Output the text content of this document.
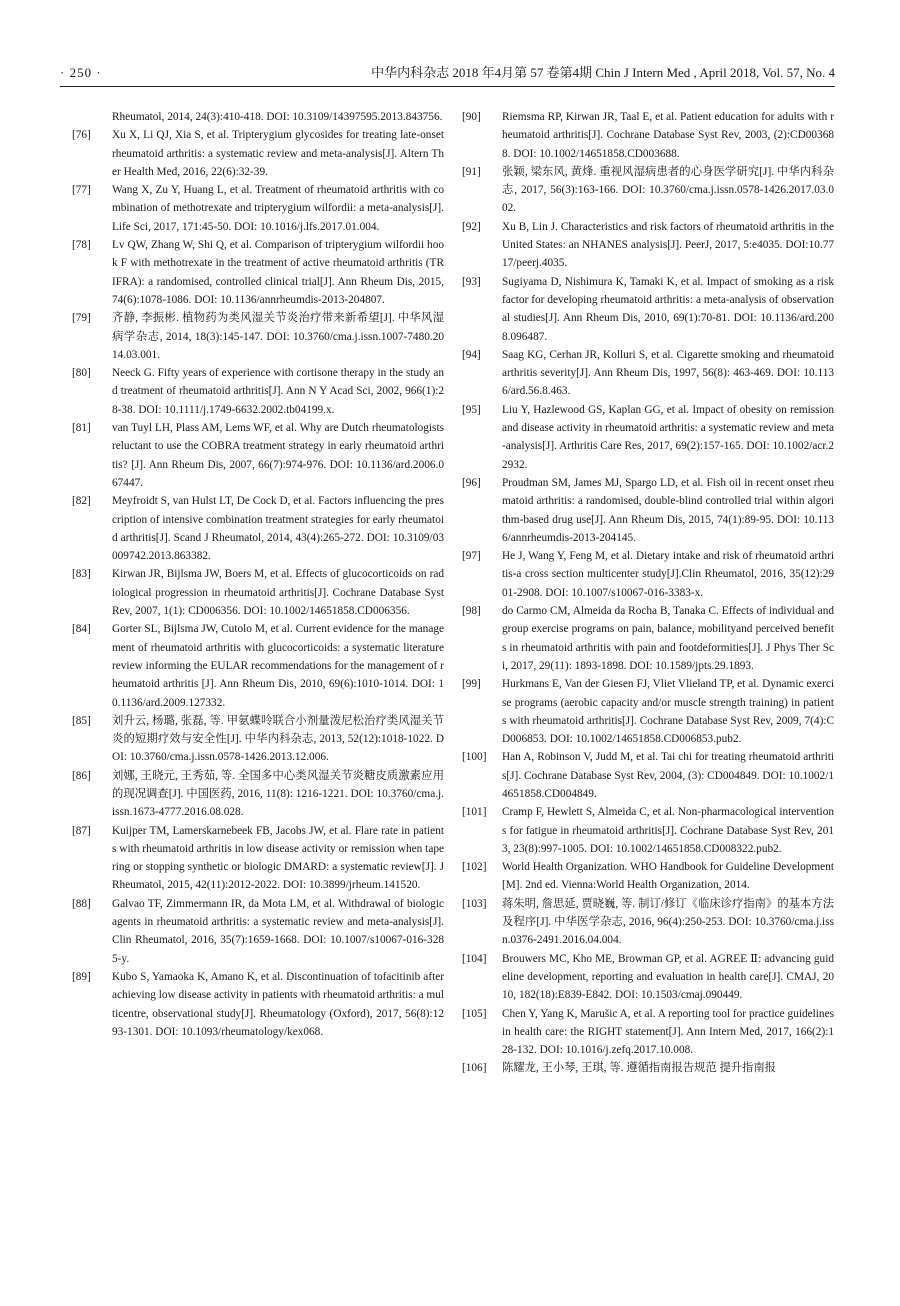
· 250 ·	中华内科杂志 2018 年4月第 57 卷第4期 Chin J Intern Med , April 2018, Vol. 57, No. 4
Rheumatol, 2014, 24(3):410-418. DOI: 10.3109/14397595.2013.843756.
[76]	Xu X, Li QJ, Xia S, et al. Tripterygium glycosides for treating late-onset rheumatoid arthritis: a systematic review and meta-analysis[J]. Altern Ther Health Med, 2016, 22(6):32-39.
[77]	Wang X, Zu Y, Huang L, et al. Treatment of rheumatoid arthritis with combination of methotrexate and tripterygium wilfordii: a meta-analysis[J]. Life Sci, 2017, 171:45-50. DOI: 10.1016/j.lfs.2017.01.004.
[78]	Lv QW, Zhang W, Shi Q, et al. Comparison of tripterygium wilfordii hook F with methotrexate in the treatment of active rheumatoid arthritis (TRIFRA): a randomised, controlled clinical trial[J]. Ann Rheum Dis, 2015, 74(6):1078-1086. DOI: 10.1136/annrheumdis-2013-204807.
[79]	齐静, 李振彬. 植物药为类风湿关节炎治疗带来新希望[J]. 中华风湿病学杂志, 2014, 18(3):145-147. DOI: 10.3760/cma.j.issn.1007-7480.2014.03.001.
[80]	Neeck G. Fifty years of experience with cortisone therapy in the study and treatment of rheumatoid arthritis[J]. Ann N Y Acad Sci, 2002, 966(1):28-38. DOI: 10.1111/j.1749-6632.2002.tb04199.x.
[81]	van Tuyl LH, Plass AM, Lems WF, et al. Why are Dutch rheumatologists reluctant to use the COBRA treatment strategy in early rheumatoid arthritis? [J]. Ann Rheum Dis, 2007, 66(7):974-976. DOI: 10.1136/ard.2006.067447.
[82]	Meyfroidt S, van Hulst LT, De Cock D, et al. Factors influencing the prescription of intensive combination treatment strategies for early rheumatoid arthritis[J]. Scand J Rheumatol, 2014, 43(4):265-272. DOI: 10.3109/03009742.2013.863382.
[83]	Kirwan JR, Bijlsma JW, Boers M, et al. Effects of glucocorticoids on radiological progression in rheumatoid arthritis[J]. Cochrane Database Syst Rev, 2007, 1(1): CD006356. DOI: 10.1002/14651858.CD006356.
[84]	Gorter SL, Bijlsma JW, Cutolo M, et al. Current evidence for the management of rheumatoid arthritis with glucocorticoids: a systematic literature review informing the EULAR recommendations for the management of rheumatoid arthritis [J]. Ann Rheum Dis, 2010, 69(6):1010-1014. DOI: 10.1136/ard.2009.127332.
[85]	刘升云, 杨璐, 张磊, 等. 甲氨蝶呤联合小剂量泼尼松治疗类风湿关节炎的短期疗效与安全性[J]. 中华内科杂志, 2013, 52(12):1018-1022. DOI: 10.3760/cma.j.issn.0578-1426.2013.12.006.
[86]	刘娜, 王晓元, 王秀茹, 等. 全国多中心类风湿关节炎糖皮质激素应用的现况调查[J]. 中国医药, 2016, 11(8): 1216-1221. DOI: 10.3760/cma.j.issn.1673-4777.2016.08.028.
[87]	Kuijper TM, Lamerskarnebeek FB, Jacobs JW, et al. Flare rate in patients with rheumatoid arthritis in low disease activity or remission when tapering or stopping synthetic or biologic DMARD: a systematic review[J]. J Rheumatol, 2015, 42(11):2012-2022. DOI: 10.3899/jrheum.141520.
[88]	Galvao TF, Zimmermann IR, da Mota LM, et al. Withdrawal of biologic agents in rheumatoid arthritis: a systematic review and meta-analysis[J]. Clin Rheumatol, 2016, 35(7):1659-1668. DOI: 10.1007/s10067-016-3285-y.
[89]	Kubo S, Yamaoka K, Amano K, et al. Discontinuation of tofacitinib after achieving low disease activity in patients with rheumatoid arthritis: a multicentre, observational study[J]. Rheumatology (Oxford), 2017, 56(8):1293-1301. DOI: 10.1093/rheumatology/kex068.
[90]	Riemsma RP, Kirwan JR, Taal E, et al. Patient education for adults with rheumatoid arthritis[J]. Cochrane Database Syst Rev, 2003, (2):CD003688. DOI: 10.1002/14651858.CD003688.
[91]	张颖, 梁东风, 黄烽. 重视风湿病患者的心身医学研究[J]. 中华内科杂志, 2017, 56(3):163-166. DOI: 10.3760/cma.j.issn.0578-1426.2017.03.002.
[92]	Xu B, Lin J. Characteristics and risk factors of rheumatoid arthritis in the United States: an NHANES analysis[J]. PeerJ, 2017, 5:e4035. DOI:10.7717/peerj.4035.
[93]	Sugiyama D, Nishimura K, Tamaki K, et al. Impact of smoking as a risk factor for developing rheumatoid arthritis: a meta-analysis of observational studies[J]. Ann Rheum Dis, 2010, 69(1):70-81. DOI: 10.1136/ard.2008.096487.
[94]	Saag KG, Cerhan JR, Kolluri S, et al. Cigarette smoking and rheumatoid arthritis severity[J]. Ann Rheum Dis, 1997, 56(8): 463-469. DOI: 10.1136/ard.56.8.463.
[95]	Liu Y, Hazlewood GS, Kaplan GG, et al. Impact of obesity on remission and disease activity in rheumatoid arthritis: a systematic review and meta-analysis[J]. Arthritis Care Res, 2017, 69(2):157-165. DOI: 10.1002/acr.22932.
[96]	Proudman SM, James MJ, Spargo LD, et al. Fish oil in recent onset rheumatoid arthritis: a randomised, double-blind controlled trial within algorithm-based drug use[J]. Ann Rheum Dis, 2015, 74(1):89-95. DOI: 10.1136/annrheumdis-2013-204145.
[97]	He J, Wang Y, Feng M, et al. Dietary intake and risk of rheumatoid arthritis-a cross section multicenter study[J].Clin Rheumatol, 2016, 35(12):2901-2908. DOI: 10.1007/s10067-016-3383-x.
[98]	do Carmo CM, Almeida da Rocha B, Tanaka C. Effects of individual and group exercise programs on pain, balance, mobilityand perceived benefits in rheumatoid arthritis with pain and footdeformities[J]. J Phys Ther Sci, 2017, 29(11): 1893-1898. DOI: 10.1589/jpts.29.1893.
[99]	Hurkmans E, Van der Giesen FJ, Vliet Vlieland TP, et al. Dynamic exercise programs (aerobic capacity and/or muscle strength training) in patients with rheumatoid arthritis[J]. Cochrane Database Syst Rev, 2009, 7(4):CD006853. DOI: 10.1002/14651858.CD006853.pub2.
[100]	Han A, Robinson V, Judd M, et al. Tai chi for treating rheumatoid arthritis[J]. Cochrane Database Syst Rev, 2004, (3): CD004849. DOI: 10.1002/14651858.CD004849.
[101]	Cramp F, Hewlett S, Almeida C, et al. Non-pharmacological interventions for fatigue in rheumatoid arthritis[J]. Cochrane Database Syst Rev, 2013, 23(8):997-1005. DOI: 10.1002/14651858.CD008322.pub2.
[102]	World Health Organization. WHO Handbook for Guideline Development[M]. 2nd ed. Vienna:World Health Organization, 2014.
[103]	蒋朱明, 詹思延, 贾晓巍, 等. 制订/修订《临床诊疗指南》的基本方法及程序[J]. 中华医学杂志, 2016, 96(4):250-253. DOI: 10.3760/cma.j.issn.0376-2491.2016.04.004.
[104]	Brouwers MC, Kho ME, Browman GP, et al. AGREE Ⅱ: advancing guideline development, reporting and evaluation in health care[J]. CMAJ, 2010, 182(18):E839-E842. DOI: 10.1503/cmaj.090449.
[105]	Chen Y, Yang K, Marušic A, et al. A reporting tool for practice guidelines in health care: the RIGHT statement[J]. Ann Intern Med, 2017, 166(2):128-132. DOI: 10.1016/j.zefq.2017.10.008.
[106]	陈耀龙, 王小琴, 王琪, 等. 遵循指南报告规范 提升指南报
